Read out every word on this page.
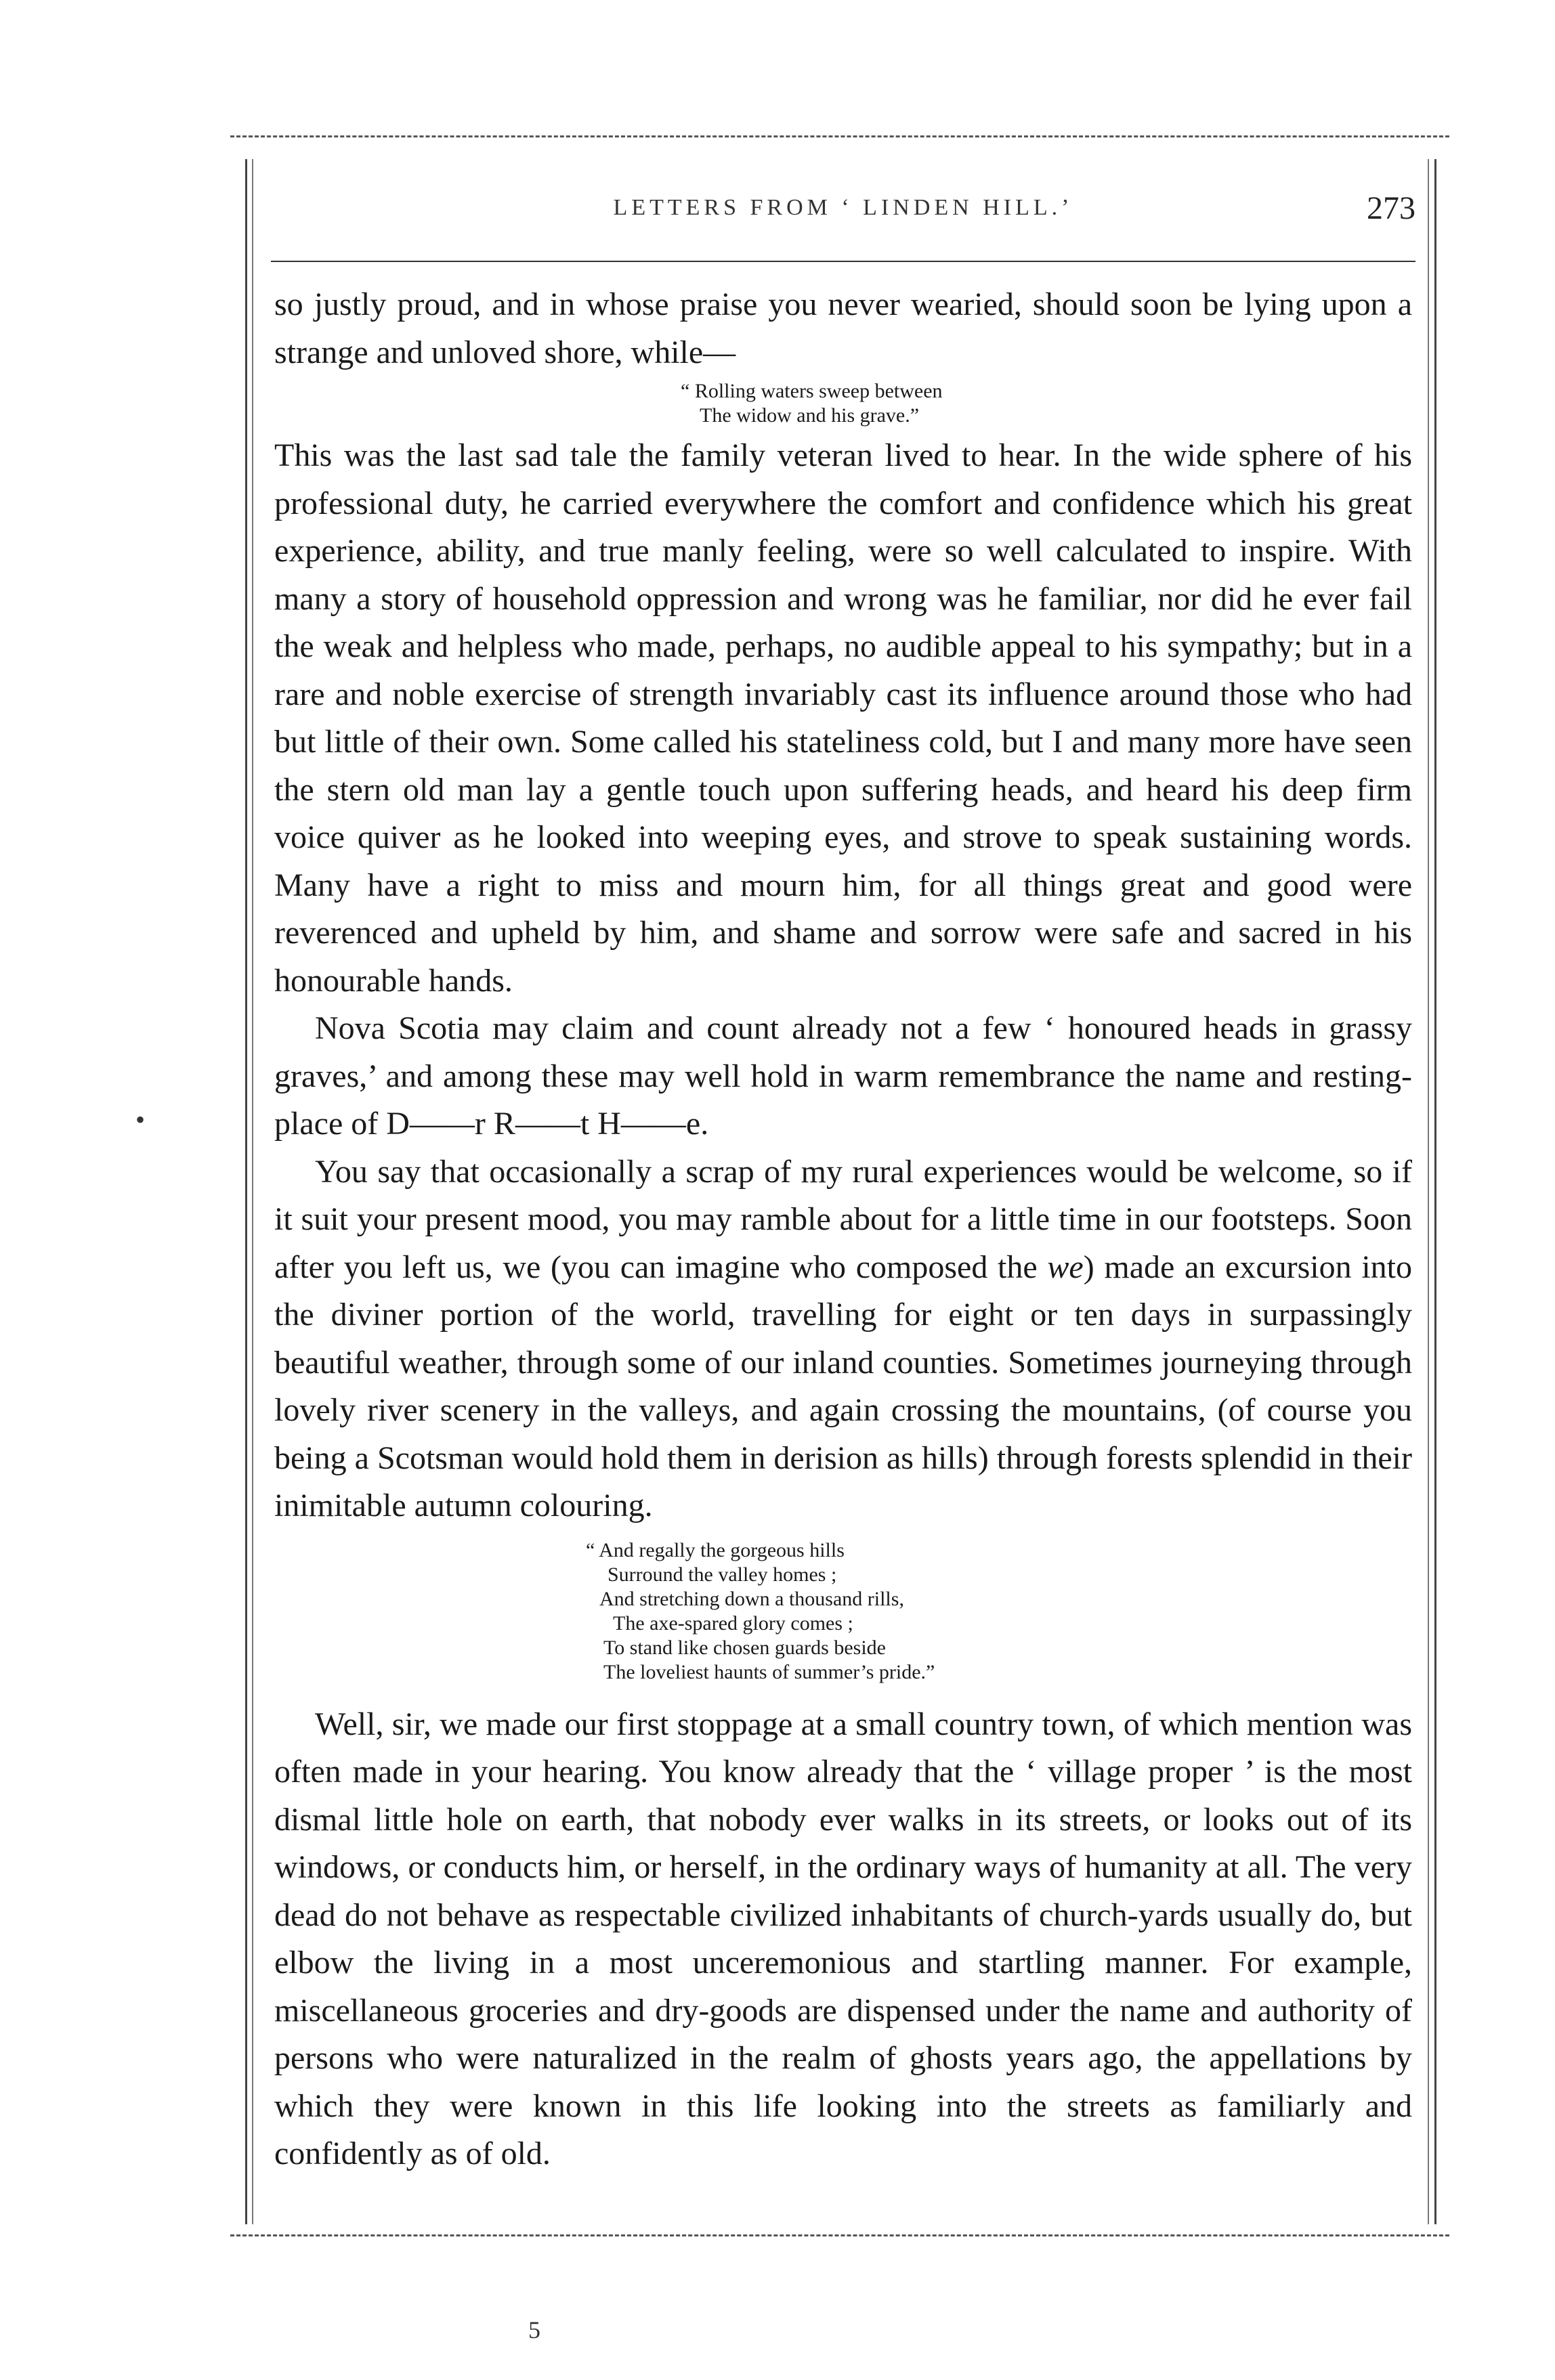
LETTERS FROM ‘ LINDEN HILL.’	273
•

so justly proud, and in whose praise you never wearied, should soon be lying upon a strange and unloved shore, while—

“ Rolling waters sweep between
The widow and his grave.”

This was the last sad tale the family veteran lived to hear. In the wide sphere of his professional duty, he carried everywhere the comfort and confidence which his great experience, ability, and true manly feeling, were so well calculated to inspire. With many a story of household oppression and wrong was he familiar, nor did he ever fail the weak and helpless who made, perhaps, no audible appeal to his sympathy; but in a rare and noble exercise of strength invariably cast its influence around those who had but little of their own. Some called his stateliness cold, but I and many more have seen the stern old man lay a gentle touch upon suffering heads, and heard his deep firm voice quiver as he looked into weeping eyes, and strove to speak sustaining words. Many have a right to miss and mourn him, for all things great and good were reverenced and upheld by him, and shame and sorrow were safe and sacred in his honourable hands.

Nova Scotia may claim and count already not a few ‘ honoured heads in grassy graves,’ and among these may well hold in warm remembrance the name and resting-place of D——r R——t H——e.

You say that occasionally a scrap of my rural experiences would be welcome, so if it suit your present mood, you may ramble about for a little time in our footsteps. Soon after you left us, we (you can imagine who composed the we) made an excursion into the diviner portion of the world, travelling for eight or ten days in surpassingly beautiful weather, through some of our inland counties. Sometimes journeying through lovely river scenery in the valleys, and again crossing the mountains, (of course you being a Scotsman would hold them in derision as hills) through forests splendid in their inimitable autumn colouring.

“ And regally the gorgeous hills
Surround the valley homes ;
And stretching down a thousand rills,
The axe-spared glory comes ;
To stand like chosen guards beside
The loveliest haunts of summer’s pride.”

Well, sir, we made our first stoppage at a small country town, of which mention was often made in your hearing. You know already that the ‘ village proper ’ is the most dismal little hole on earth, that nobody ever walks in its streets, or looks out of its windows, or conducts him, or herself, in the ordinary ways of humanity at all. The very dead do not behave as respectable civilized inhabitants of church-yards usually do, but elbow the living in a most unceremonious and startling manner. For example, miscellaneous groceries and dry-goods are dispensed under the name and authority of persons who were naturalized in the realm of ghosts years ago, the appellations by which they were known in this life looking into the streets as familiarly and confidently as of old.

5
